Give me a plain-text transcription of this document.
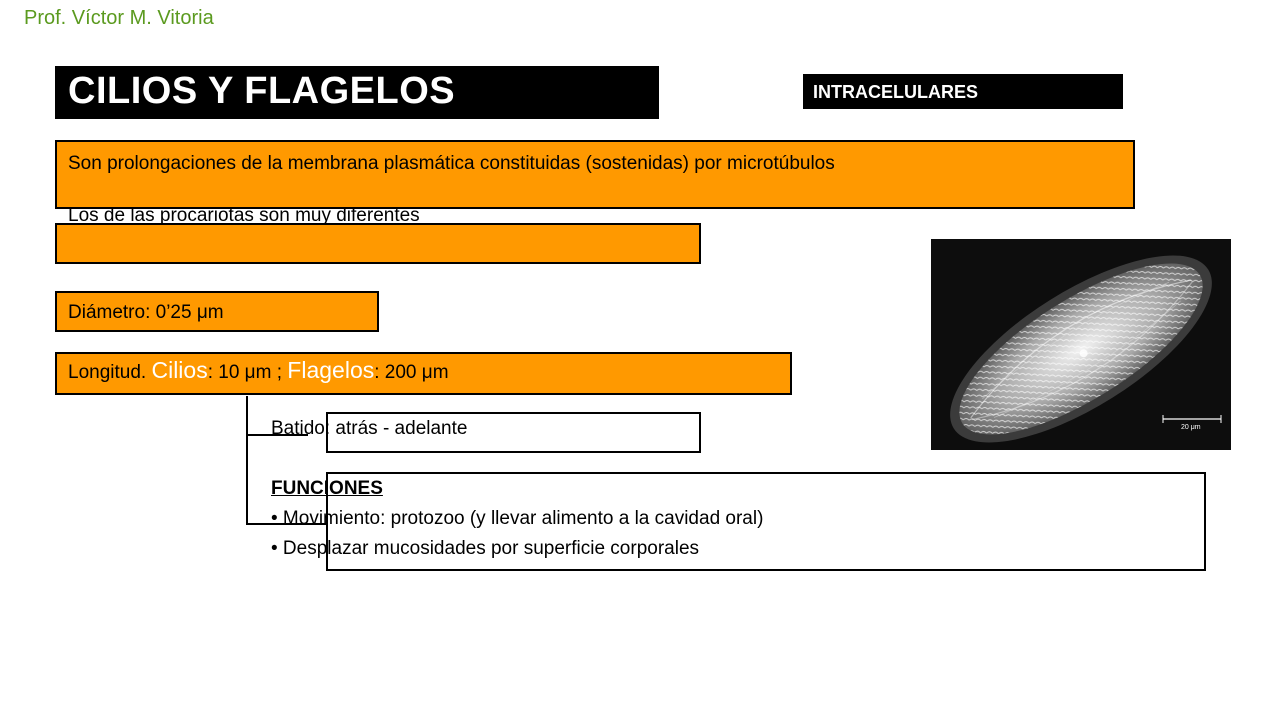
Prof. Víctor M. Vitoria
CILIOS Y FLAGELOS	INTRACELULARES
Son prolongaciones de la membrana plasmática constituidas (sostenidas) por microtúbulos
Los de las procariotas son muy diferentes
Diámetro: 0’25 μm
Longitud. Cilios: 10 μm ; Flagelos: 200 μm
Batido: atrás - adelante
FUNCIONES
• Movimiento: protozoo (y llevar alimento a la cavidad oral)
• Desplazar mucosidades por superficie corporales
20 μm
